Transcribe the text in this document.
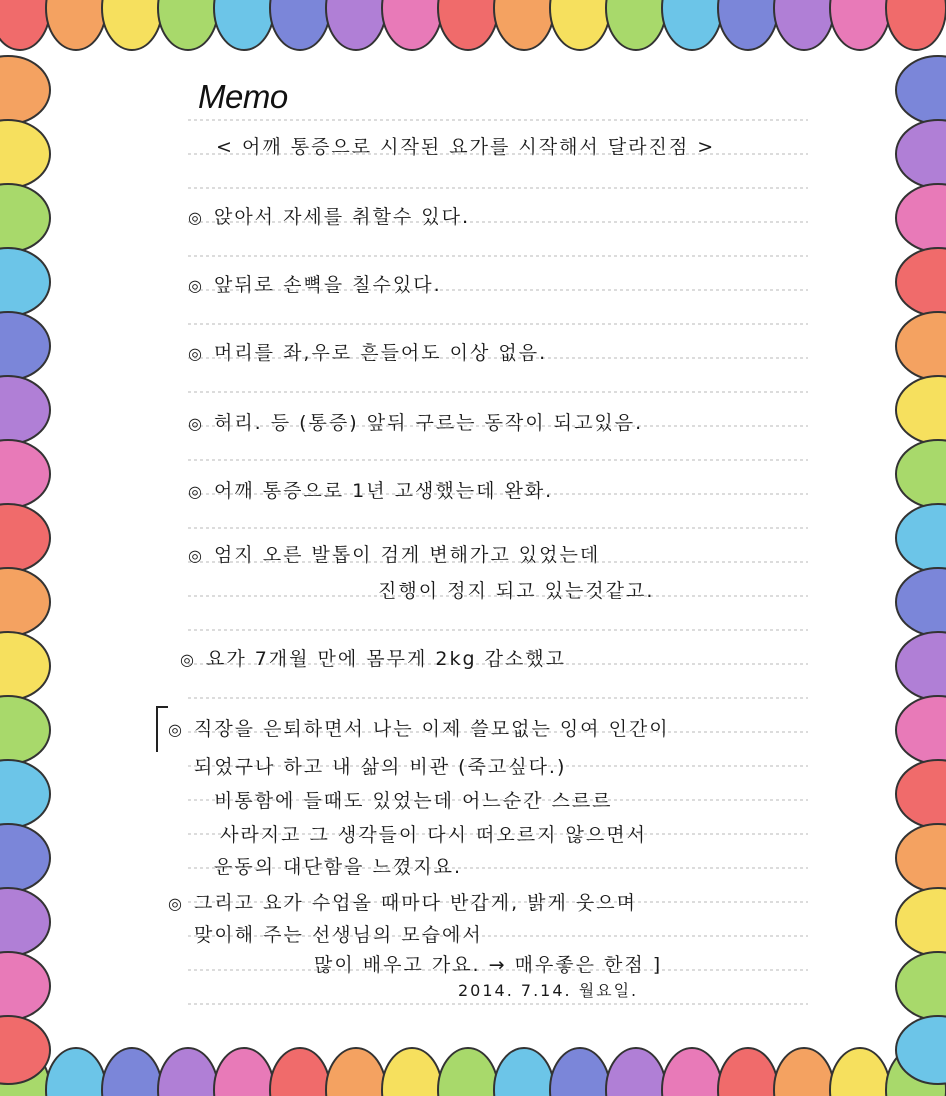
Memo
< 어깨 통증으로 시작된 요가를 시작해서 달라진점 >
◎ 앉아서 자세를 취할수 있다.
◎ 앞뒤로 손뼉을 칠수있다.
◎ 머리를 좌,우로 흔들어도 이상 없음.
◎ 허리. 등 (통증) 앞뒤 구르는 동작이 되고있음.
◎ 어깨 통증으로 1년 고생했는데 완화.
◎ 엄지 오른 발톱이 검게 변해가고 있었는데
진행이 정지 되고 있는것같고.
◎ 요가 7개월 만에 몸무게 2kg 감소했고
◎ 직장을 은퇴하면서 나는 이제 쓸모없는 잉여 인간이
되었구나 하고 내 삶의 비관 (죽고싶다.)
비통함에 들때도 있었는데 어느순간 스르르
사라지고 그 생각들이 다시 떠오르지 않으면서
운동의 대단함을 느꼈지요.
◎ 그리고 요가 수업올 때마다 반갑게, 밝게 웃으며
맞이해 주는 선생님의 모습에서
많이 배우고 가요. → 매우좋은 한점 ]
2014. 7.14. 월요일.
